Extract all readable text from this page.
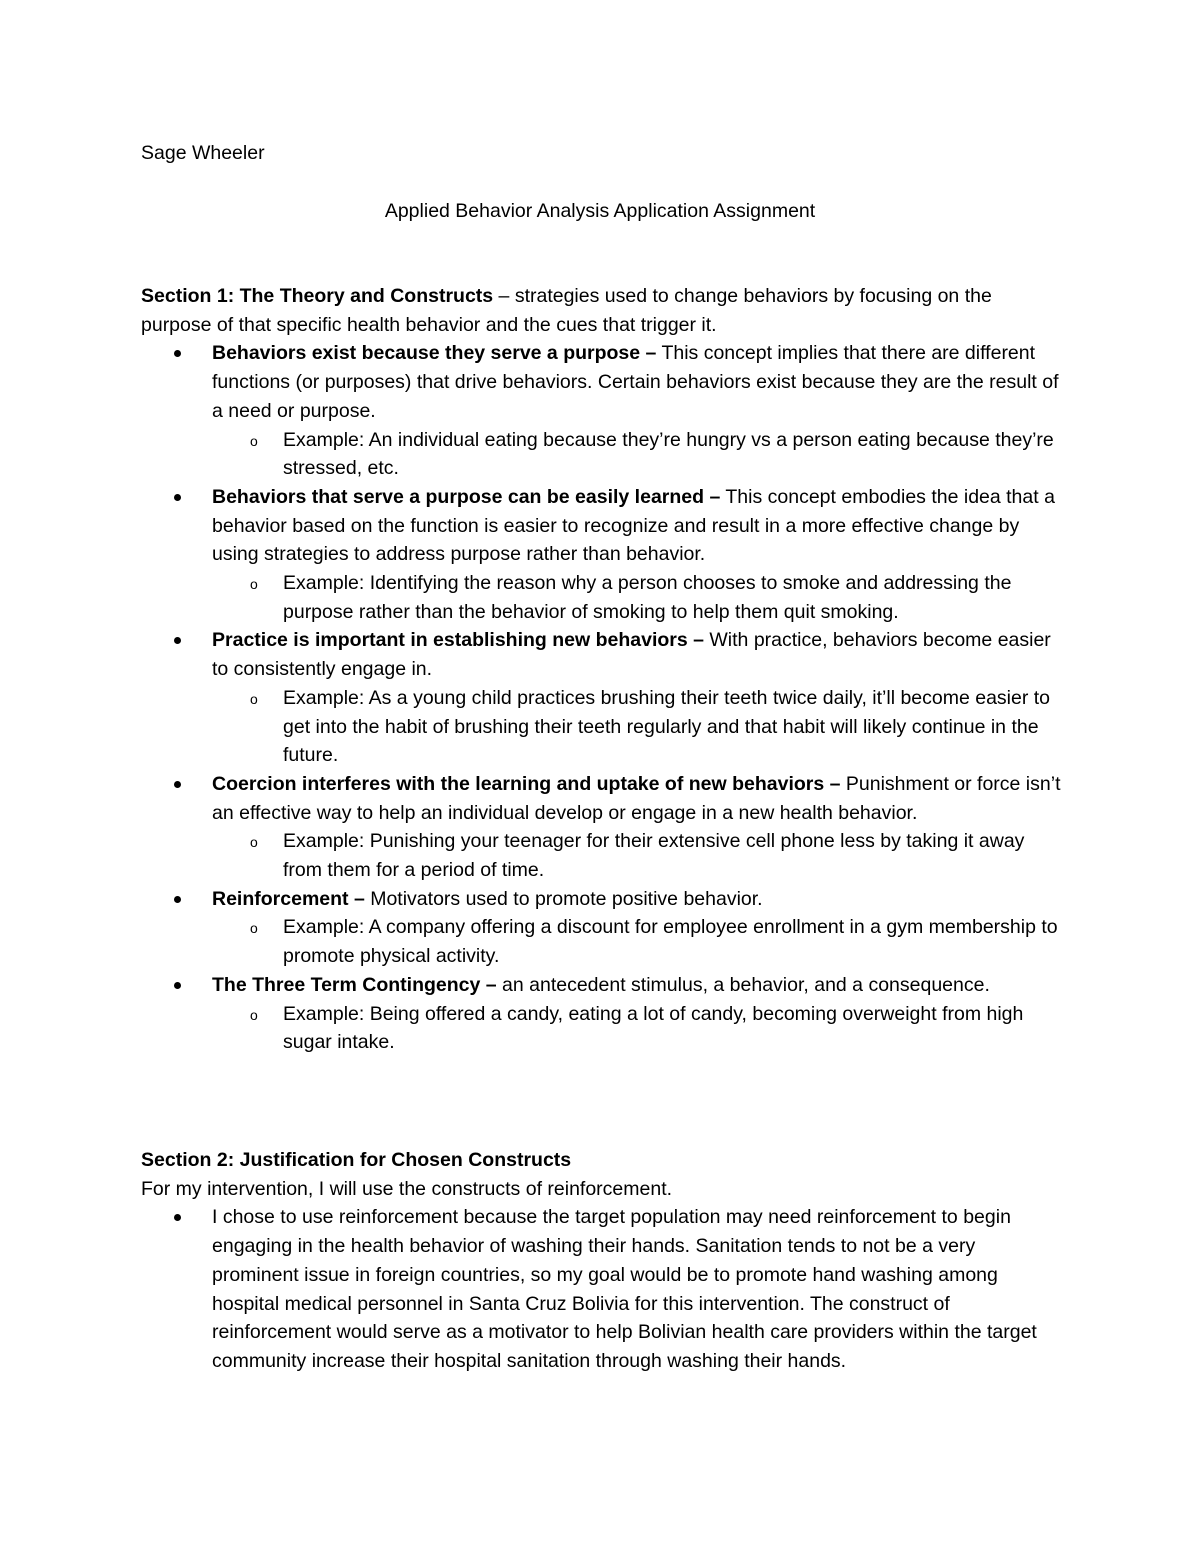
Sage Wheeler

Applied Behavior Analysis Application Assignment

Section 1: The Theory and Constructs – strategies used to change behaviors by focusing on the purpose of that specific health behavior and the cues that trigger it.

Behaviors exist because they serve a purpose – This concept implies that there are different functions (or purposes) that drive behaviors. Certain behaviors exist because they are the result of a need or purpose.
o Example: An individual eating because they’re hungry vs a person eating because they’re stressed, etc.
Behaviors that serve a purpose can be easily learned – This concept embodies the idea that a behavior based on the function is easier to recognize and result in a more effective change by using strategies to address purpose rather than behavior.
o Example: Identifying the reason why a person chooses to smoke and addressing the purpose rather than the behavior of smoking to help them quit smoking.
Practice is important in establishing new behaviors – With practice, behaviors become easier to consistently engage in.
o Example: As a young child practices brushing their teeth twice daily, it’ll become easier to get into the habit of brushing their teeth regularly and that habit will likely continue in the future.
Coercion interferes with the learning and uptake of new behaviors – Punishment or force isn’t an effective way to help an individual develop or engage in a new health behavior.
o Example: Punishing your teenager for their extensive cell phone less by taking it away from them for a period of time.
Reinforcement – Motivators used to promote positive behavior.
o Example: A company offering a discount for employee enrollment in a gym membership to promote physical activity.
The Three Term Contingency – an antecedent stimulus, a behavior, and a consequence.
o Example: Being offered a candy, eating a lot of candy, becoming overweight from high sugar intake.

Section 2: Justification for Chosen Constructs

For my intervention, I will use the constructs of reinforcement.

I chose to use reinforcement because the target population may need reinforcement to begin engaging in the health behavior of washing their hands. Sanitation tends to not be a very prominent issue in foreign countries, so my goal would be to promote hand washing among hospital medical personnel in Santa Cruz Bolivia for this intervention. The construct of reinforcement would serve as a motivator to help Bolivian health care providers within the target community increase their hospital sanitation through washing their hands.
